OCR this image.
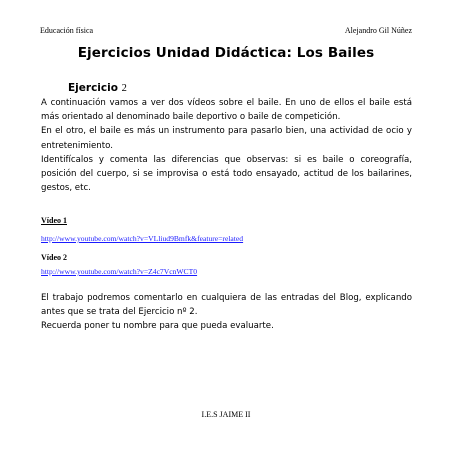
Educación física	Alejandro Gil Núñez
Ejercicios Unidad Didáctica: Los Bailes
Ejercicio 2

A continuación vamos a ver dos vídeos sobre el baile. En uno de ellos el baile está más orientado al denominado baile deportivo o baile de competición.

En el otro, el baile es más un instrumento para pasarlo bien, una actividad de ocio y entretenimiento.

Identifícalos y comenta las diferencias que observas: si es baile o coreografía, posición del cuerpo, si se improvisa o está todo ensayado, actitud de los bailarines, gestos, etc.

Vídeo 1
http://www.youtube.com/watch?v=VLliud9Bmfk&feature=related
Vídeo 2
http://www.youtube.com/watch?v=Z4c7VcnWCT0

El trabajo podremos comentarlo en cualquiera de las entradas del Blog, explicando antes que se trata del Ejercicio nº 2.

Recuerda poner tu nombre para que pueda evaluarte.

I.E.S JAIME II
